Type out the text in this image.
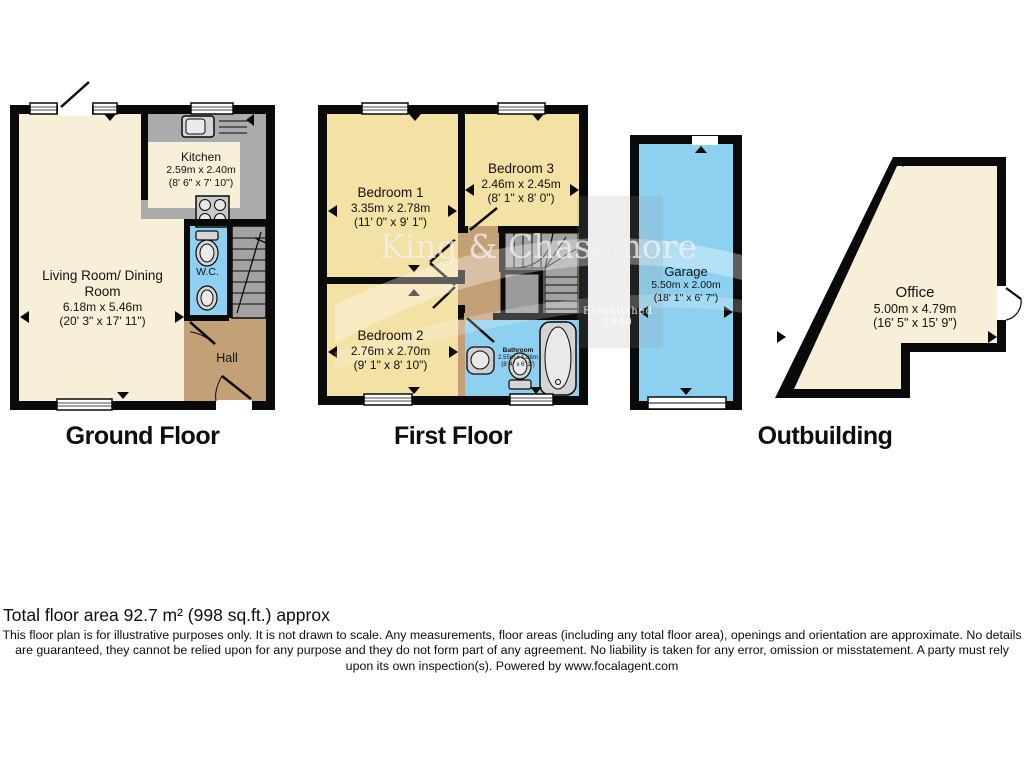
King & Chasemore
Established 1840
Living Room/ Dining Room
6.18m x 5.46m
(20' 3" x 17' 11")
Kitchen
2.59m x 2.40m
(8' 6" x 7' 10")
W.C.
Hall
Bedroom 1
3.35m x 2.78m
(11' 0" x 9' 1")
Bedroom 2
2.76m x 2.70m
(9' 1" x 8' 10")
Bedroom 3
2.46m x 2.45m
(8' 1" x 8' 0")
Bathroom
2.55m x 1.86m
(8' 4" x 6' 1")
Garage
5.50m x 2.00m
(18' 1" x 6' 7")	Office
5.00m x 4.79m
(16' 5" x 15' 9")
Ground Floor	First Floor	Outbuilding
Total floor area 92.7 m² (998 sq.ft.) approx
This floor plan is for illustrative purposes only. It is not drawn to scale. Any measurements, floor areas (including any total floor area), openings and orientation are approximate. No details are guaranteed, they cannot be relied upon for any purpose and they do not form part of any agreement. No liability is taken for any error, omission or misstatement. A party must rely upon its own inspection(s). Powered by www.focalagent.com
